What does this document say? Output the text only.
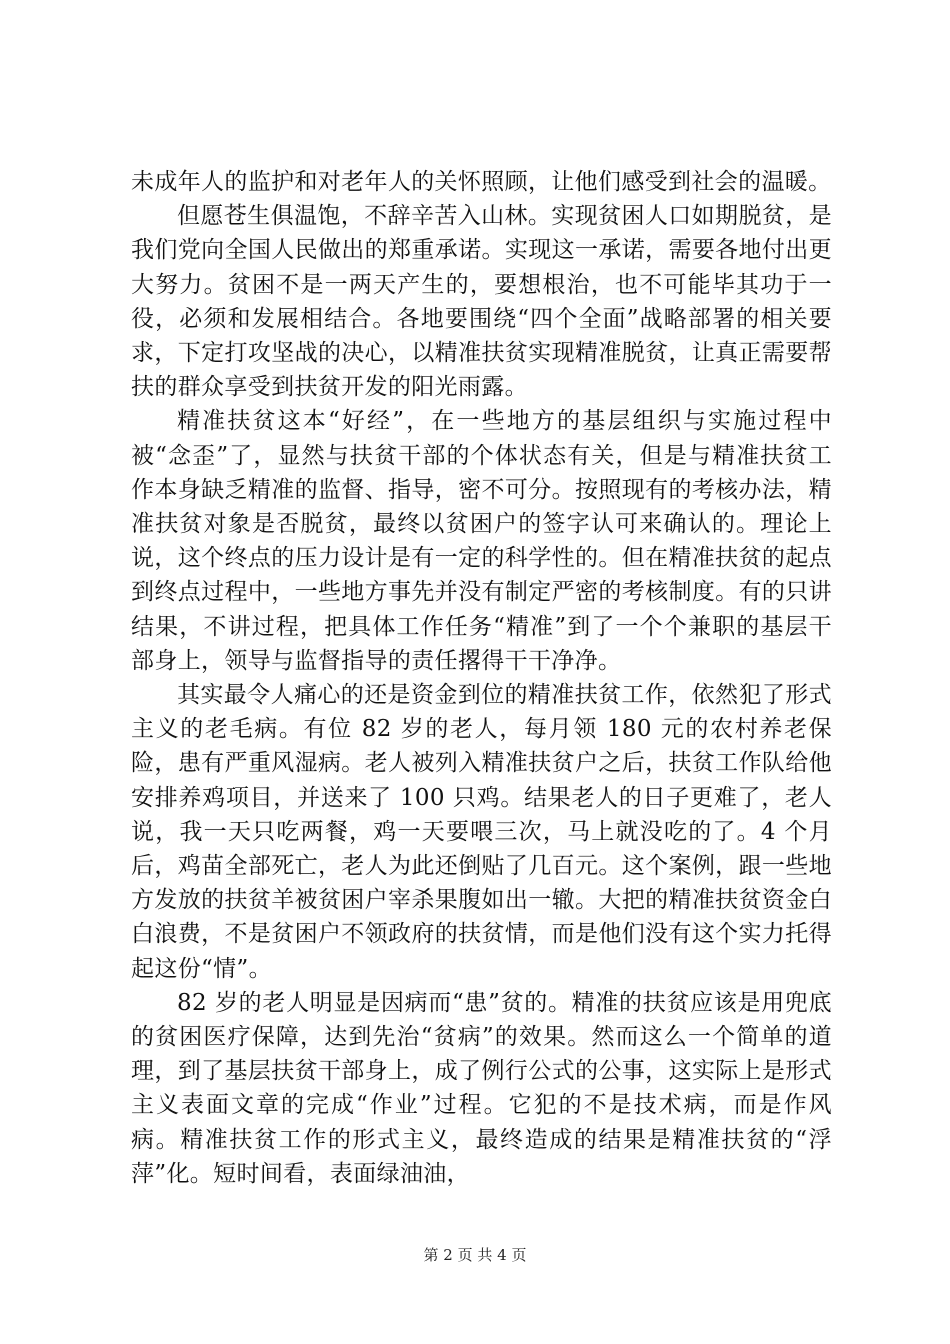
未成年人的监护和对老年人的关怀照顾，让他们感受到社会的温暖。

但愿苍生俱温饱，不辞辛苦入山林。实现贫困人口如期脱贫，是我们党向全国人民做出的郑重承诺。实现这一承诺，需要各地付出更大努力。贫困不是一两天产生的，要想根治，也不可能毕其功于一役，必须和发展相结合。各地要围绕“四个全面”战略部署的相关要求，下定打攻坚战的决心，以精准扶贫实现精准脱贫，让真正需要帮扶的群众享受到扶贫开发的阳光雨露。

精准扶贫这本“好经”，在一些地方的基层组织与实施过程中被“念歪”了，显然与扶贫干部的个体状态有关，但是与精准扶贫工作本身缺乏精准的监督、指导，密不可分。按照现有的考核办法，精准扶贫对象是否脱贫，最终以贫困户的签字认可来确认的。理论上说，这个终点的压力设计是有一定的科学性的。但在精准扶贫的起点到终点过程中，一些地方事先并没有制定严密的考核制度。有的只讲结果，不讲过程，把具体工作任务“精准”到了一个个兼职的基层干部身上，领导与监督指导的责任撂得干干净净。

其实最令人痛心的还是资金到位的精准扶贫工作，依然犯了形式主义的老毛病。有位 82 岁的老人，每月领 180 元的农村养老保险，患有严重风湿病。老人被列入精准扶贫户之后，扶贫工作队给他安排养鸡项目，并送来了 100 只鸡。结果老人的日子更难了，老人说，我一天只吃两餐，鸡一天要喂三次，马上就没吃的了。4 个月后，鸡苗全部死亡，老人为此还倒贴了几百元。这个案例，跟一些地方发放的扶贫羊被贫困户宰杀果腹如出一辙。大把的精准扶贫资金白白浪费，不是贫困户不领政府的扶贫情，而是他们没有这个实力托得起这份“情”。

82 岁的老人明显是因病而“患”贫的。精准的扶贫应该是用兜底的贫困医疗保障，达到先治“贫病”的效果。然而这么一个简单的道理，到了基层扶贫干部身上，成了例行公式的公事，这实际上是形式主义表面文章的完成“作业”过程。它犯的不是技术病，而是作风病。精准扶贫工作的形式主义，最终造成的结果是精准扶贫的“浮萍”化。短时间看，表面绿油油，

第 2 页 共 4 页
